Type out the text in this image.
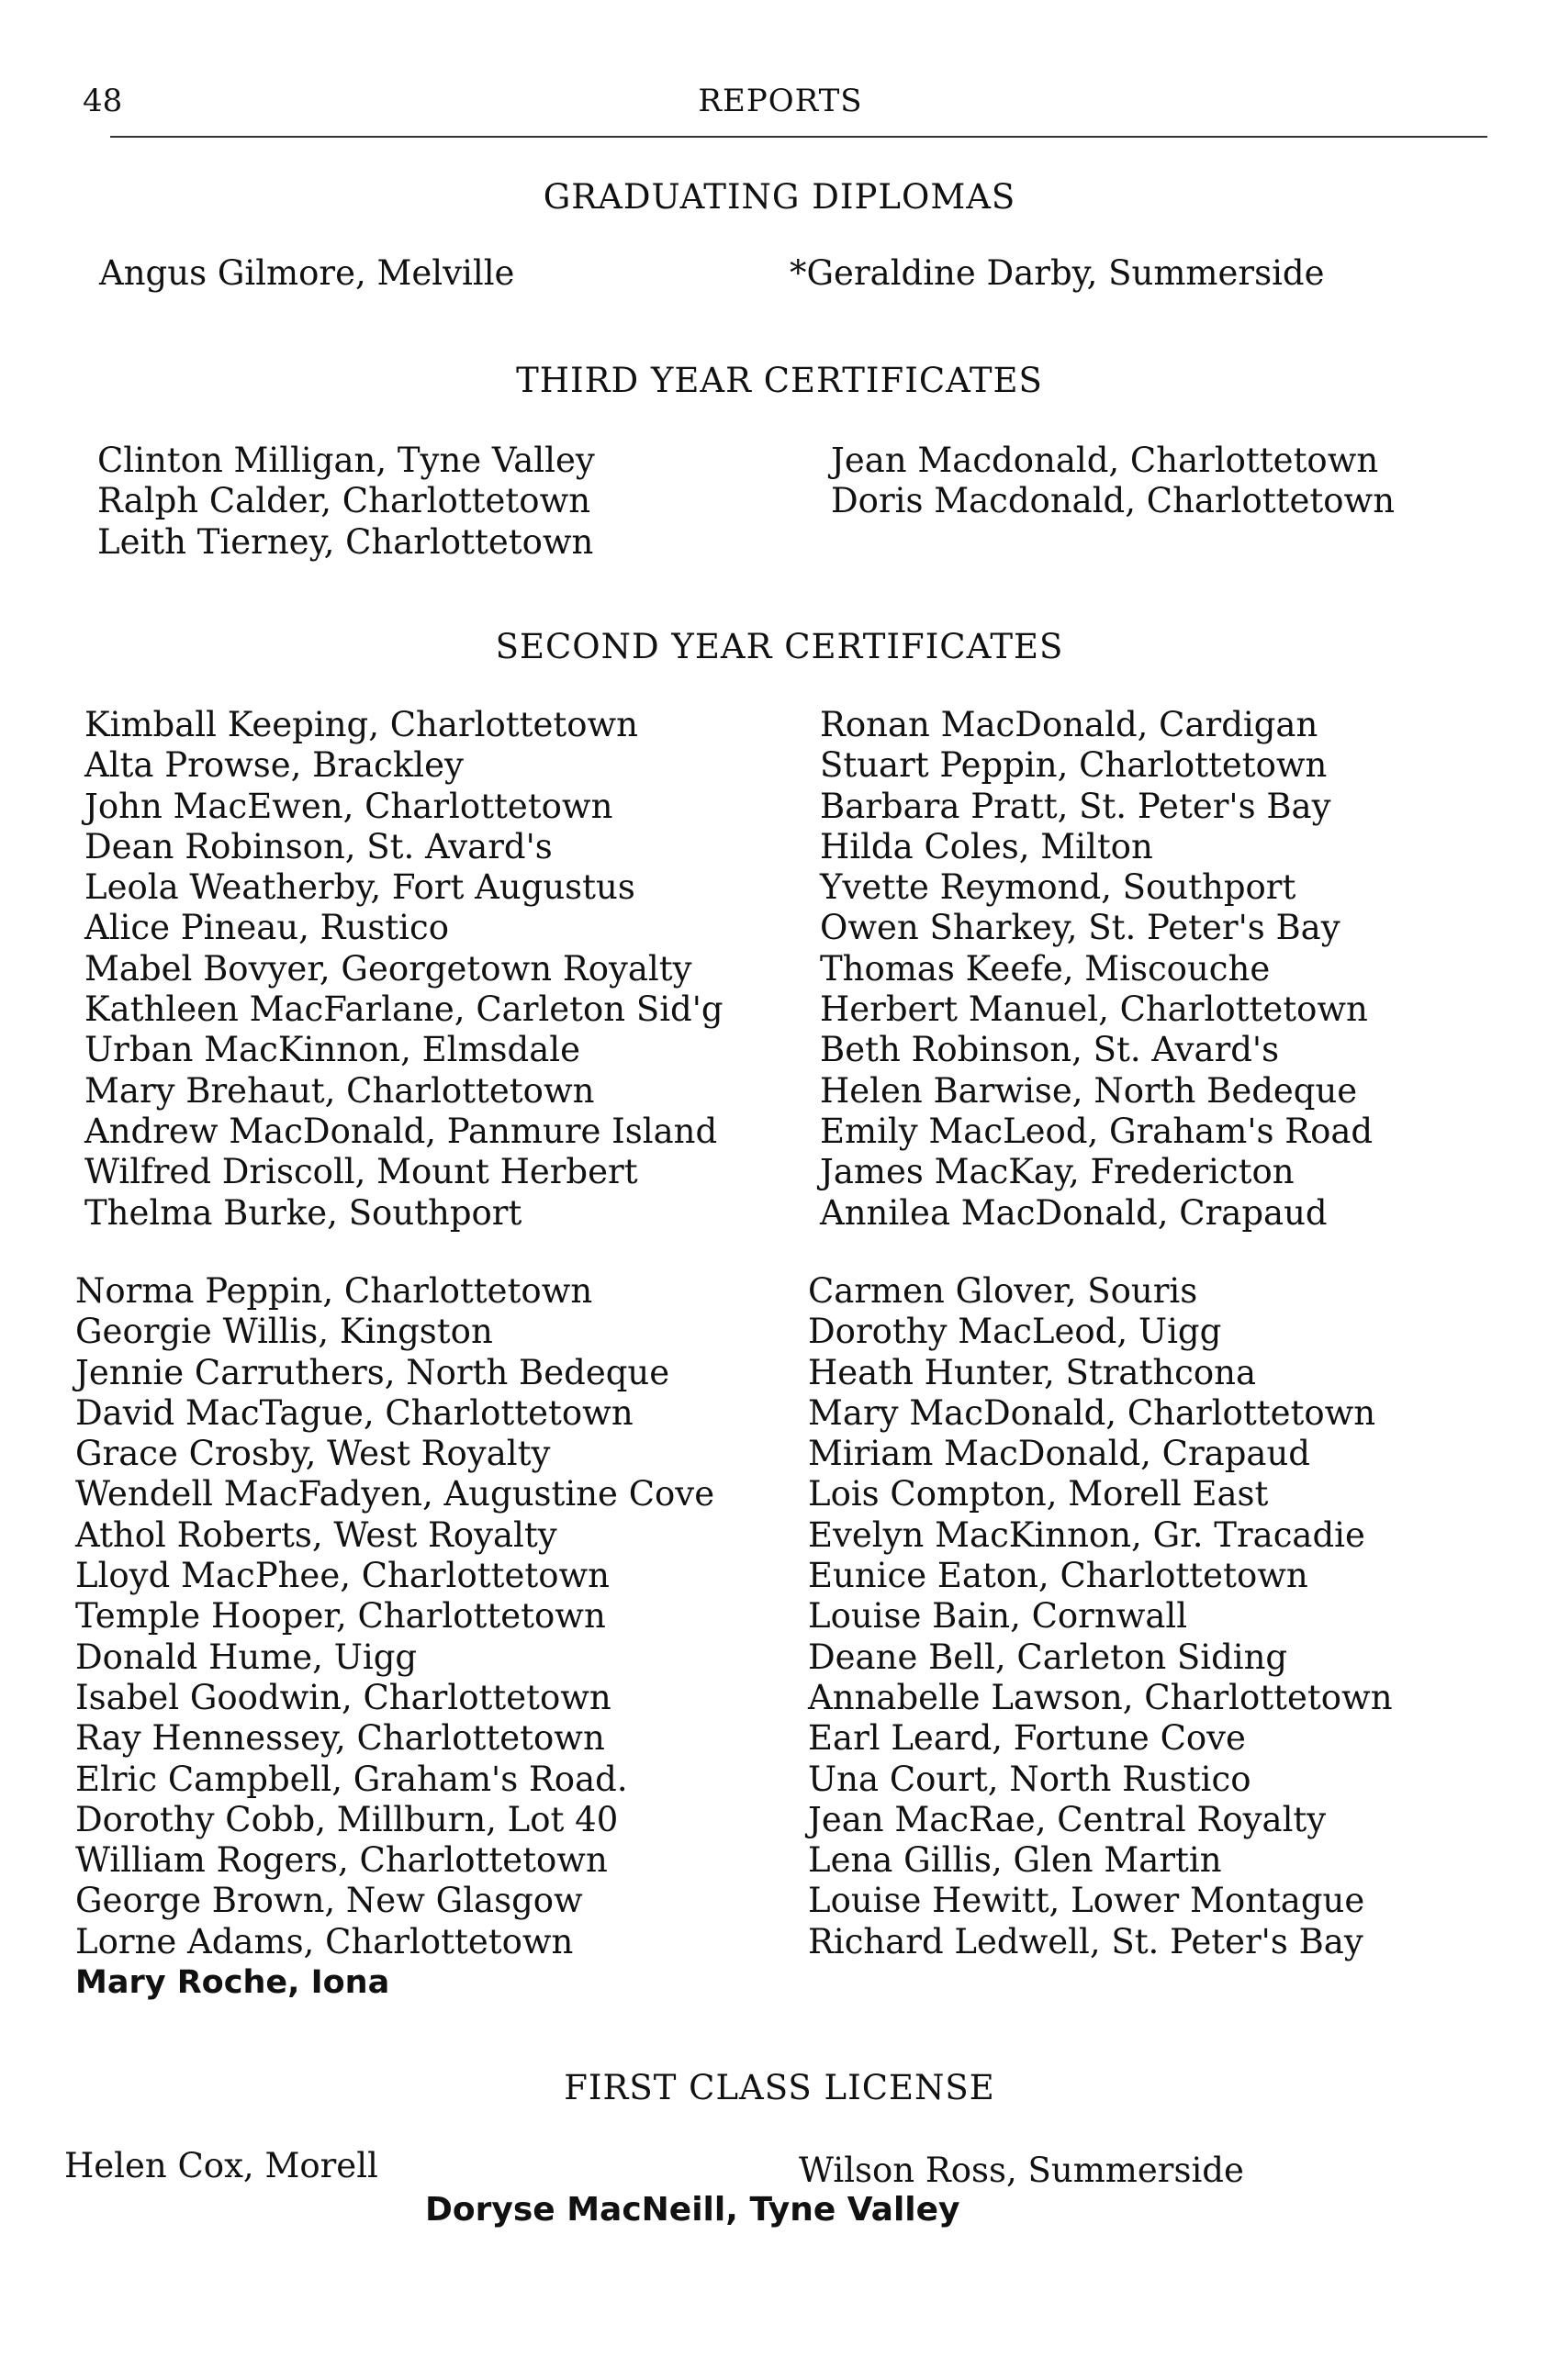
48	REPORTS
GRADUATING DIPLOMAS
Angus Gilmore, Melville	*Geraldine Darby, Summerside
THIRD YEAR CERTIFICATES
Clinton Milligan, Tyne Valley
Ralph Calder, Charlottetown
Leith Tierney, Charlottetown
Jean Macdonald, Charlottetown
Doris Macdonald, Charlottetown
SECOND YEAR CERTIFICATES
Kimball Keeping, Charlottetown
Alta Prowse, Brackley
John MacEwen, Charlottetown
Dean Robinson, St. Avard's
Leola Weatherby, Fort Augustus
Alice Pineau, Rustico
Mabel Bovyer, Georgetown Royalty
Kathleen MacFarlane, Carleton Sid'g
Urban MacKinnon, Elmsdale
Mary Brehaut, Charlottetown
Andrew MacDonald, Panmure Island
Wilfred Driscoll, Mount Herbert
Thelma Burke, Southport
Ronan MacDonald, Cardigan
Stuart Peppin, Charlottetown
Barbara Pratt, St. Peter's Bay
Hilda Coles, Milton
Yvette Reymond, Southport
Owen Sharkey, St. Peter's Bay
Thomas Keefe, Miscouche
Herbert Manuel, Charlottetown
Beth Robinson, St. Avard's
Helen Barwise, North Bedeque
Emily MacLeod, Graham's Road
James MacKay, Fredericton
Annilea MacDonald, Crapaud
Norma Peppin, Charlottetown
Georgie Willis, Kingston
Jennie Carruthers, North Bedeque
David MacTague, Charlottetown
Grace Crosby, West Royalty
Wendell MacFadyen, Augustine Cove
Athol Roberts, West Royalty
Lloyd MacPhee, Charlottetown
Temple Hooper, Charlottetown
Donald Hume, Uigg
Isabel Goodwin, Charlottetown
Ray Hennessey, Charlottetown
Elric Campbell, Graham's Road.
Dorothy Cobb, Millburn, Lot 40
William Rogers, Charlottetown
George Brown, New Glasgow
Lorne Adams, Charlottetown
Mary Roche, Iona
Carmen Glover, Souris
Dorothy MacLeod, Uigg
Heath Hunter, Strathcona
Mary MacDonald, Charlottetown
Miriam MacDonald, Crapaud
Lois Compton, Morell East
Evelyn MacKinnon, Gr. Tracadie
Eunice Eaton, Charlottetown
Louise Bain, Cornwall
Deane Bell, Carleton Siding
Annabelle Lawson, Charlottetown
Earl Leard, Fortune Cove
Una Court, North Rustico
Jean MacRae, Central Royalty
Lena Gillis, Glen Martin
Louise Hewitt, Lower Montague
Richard Ledwell, St. Peter's Bay
FIRST CLASS LICENSE
Helen Cox, Morell	Wilson Ross, Summerside
Doryse MacNeill, Tyne Valley
